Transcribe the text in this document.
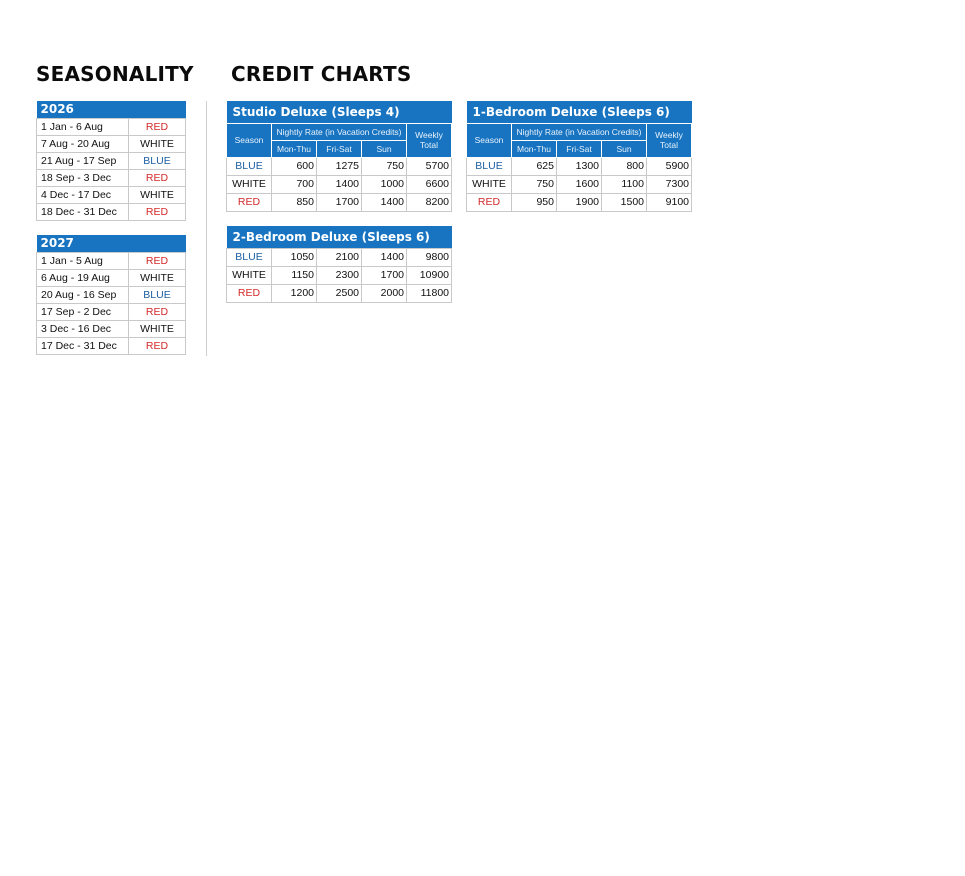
SEASONALITY CREDIT CHARTS
2026	
1 Jan - 6 Aug	RED
7 Aug - 20 Aug	WHITE
21 Aug - 17 Sep	BLUE
18 Sep - 3 Dec	RED
4 Dec - 17 Dec	WHITE
18 Dec - 31 Dec	RED
2027	
1 Jan - 5 Aug	RED
6 Aug - 19 Aug	WHITE
20 Aug - 16 Sep	BLUE
17 Sep - 2 Dec	RED
3 Dec - 16 Dec	WHITE
17 Dec - 31 Dec	RED
Studio Deluxe (Sleeps 4)				
Season	Nightly Rate (in Vacation Credits)			Weekly
Total
	Mon-Thu	Fri-Sat	Sun	
BLUE	600	1275	750	5700
WHITE	700	1400	1000	6600
RED	850	1700	1400	8200
1-Bedroom Deluxe (Sleeps 6)				
Season	Nightly Rate (in Vacation Credits)			Weekly
Total
	Mon-Thu	Fri-Sat	Sun	
BLUE	625	1300	800	5900
WHITE	750	1600	1100	7300
RED	950	1900	1500	9100
2-Bedroom Deluxe (Sleeps 6)				
BLUE	1050	2100	1400	9800
WHITE	1150	2300	1700	10900
RED	1200	2500	2000	11800
